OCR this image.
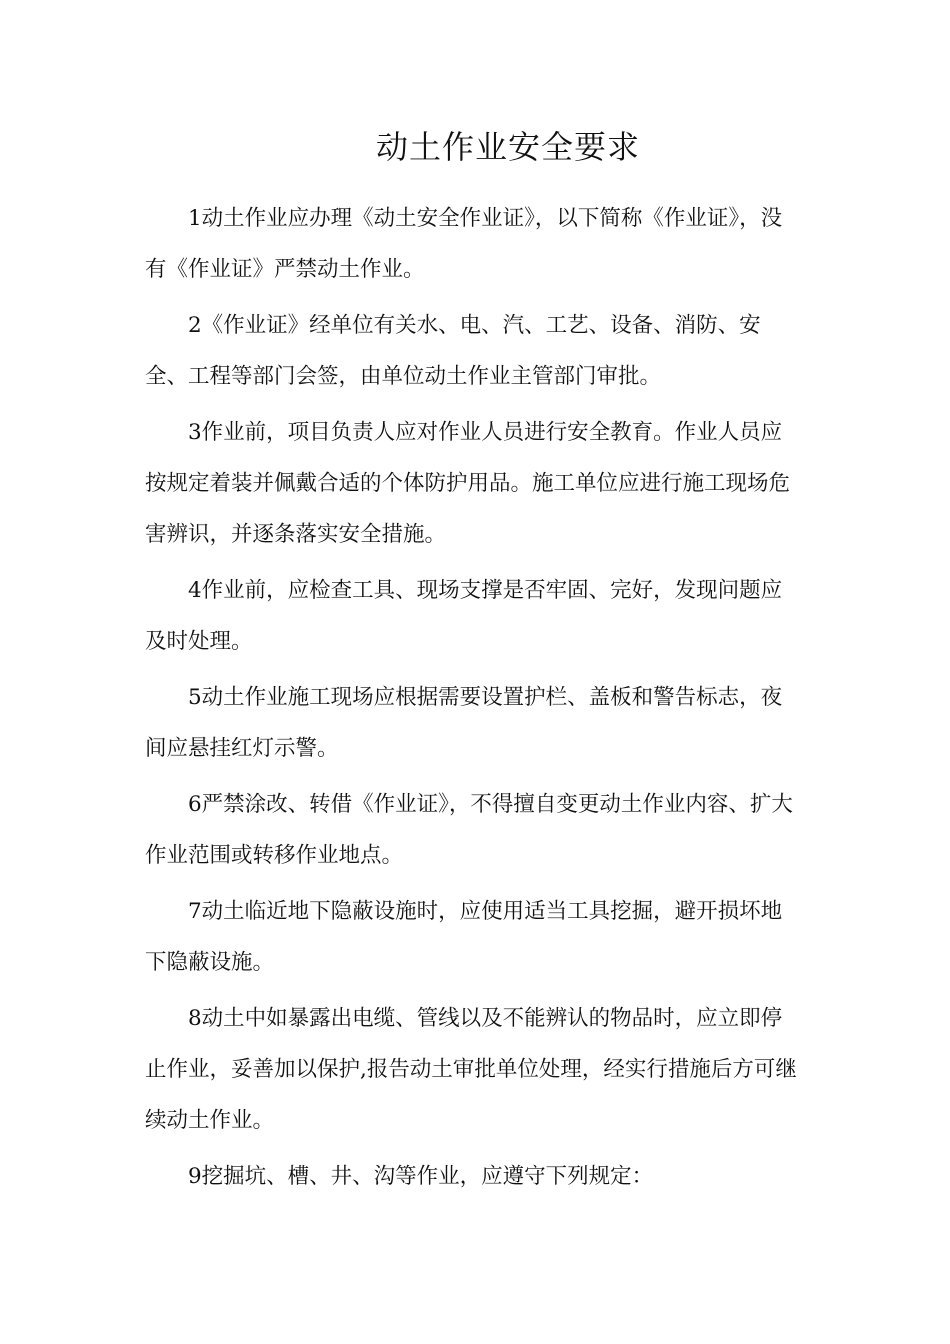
动土作业安全要求

1动土作业应办理《动土安全作业证》，以下简称《作业证》，没有《作业证》严禁动土作业。

2《作业证》经单位有关水、电、汽、工艺、设备、消防、安全、工程等部门会签，由单位动土作业主管部门审批。

3作业前，项目负责人应对作业人员进行安全教育。作业人员应按规定着装并佩戴合适的个体防护用品。施工单位应进行施工现场危害辨识，并逐条落实安全措施。

4作业前，应检查工具、现场支撑是否牢固、完好，发现问题应及时处理。

5动土作业施工现场应根据需要设置护栏、盖板和警告标志，夜间应悬挂红灯示警。

6严禁涂改、转借《作业证》，不得擅自变更动土作业内容、扩大作业范围或转移作业地点。

7动土临近地下隐蔽设施时，应使用适当工具挖掘，避开损坏地下隐蔽设施。

8动土中如暴露出电缆、管线以及不能辨认的物品时，应立即停止作业，妥善加以保护,报告动土审批单位处理，经实行措施后方可继续动土作业。

9挖掘坑、槽、井、沟等作业，应遵守下列规定：
